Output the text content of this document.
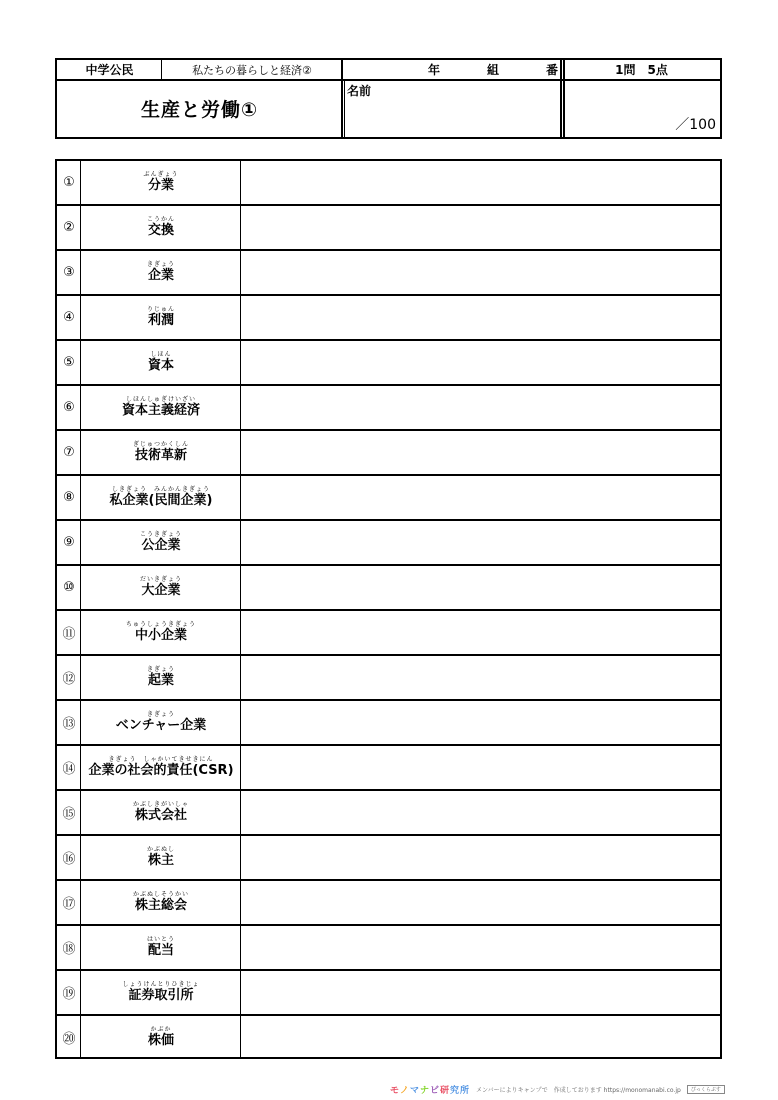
中学公民	私たちの暮らしと経済②	年	組	番	1問　5点
生産と労働①
名前
／100
①
ぶんぎょう
分業
②
こうかん
交換
③
きぎょう
企業
④
りじゅん
利潤
⑤
しほん
資本
⑥
しほんしゅぎけいざい
資本主義経済
⑦
ぎじゅつかくしん
技術革新
⑧
しきぎょう　みんかんきぎょう
私企業(民間企業)
⑨
こうきぎょう
公企業
⑩
だいきぎょう
大企業
⑪
ちゅうしょうきぎょう
中小企業
⑫
きぎょう
起業
⑬
きぎょう
ベンチャー企業
⑭
きぎょう　しゃかいてきせきにん
企業の社会的責任(CSR)
⑮
かぶしきがいしゃ
株式会社
⑯
かぶぬし
株主
⑰
かぶぬしそうかい
株主総会
⑱
はいとう
配当
⑲
しょうけんとりひきじょ
証券取引所
⑳
かぶか
株価
モノマナビ研究所 メンバーによりキャンプで　作成しております https://monomanabi.co.jp	ぴっくらぷす
